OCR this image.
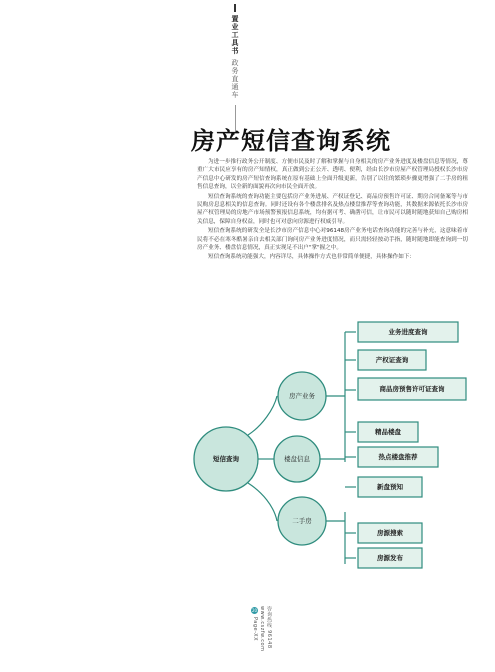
置业工具书
政务直通车
房产短信查询系统

为进一步推行政务公开制度、方便市民及时了解和掌握与自身相关的房产业务进度及楼盘信息等情况，尊重广大市民应享有的房产知情权，真正做到公正公开、透明、便利，经由长沙市房屋产权管理局授权长沙市房产信息中心研发的房产短信查询系统在原有基础上全面升级更新，告别了以往的繁琐步骤更增强了二手房的租售信息查询，以全新的面貌再次向市民全面开放。

短信查询系统的查询功能主要包括房产业务进展、产权证登记、商品房预售许可证、期房合同备案等与市民购房息息相关的信息查询。同时还设有各个楼盘排名及热点楼盘推荐等查询功能，其数据来源依托长沙市房屋产权管理局的房地产市场预警预报信息系统，均有据可考、确凿可信，让市民可以随时随地获知自己购房相关信息，保障自身权益，同时也可对意向房源进行权威引导。

短信查询系统的研发全是长沙市房产信息中心对96148房产业务电话查询功能的完善与补充，这意味着市民将不必在寒冬酷暑亲自去相关部门询问房产业务进度情况，而只需轻轻按动手指，随时随地即能查询到一切房产业务、楼盘信息情况，真正实现足不出户"掌"握之中。

短信查询系统功能强大，内容详尽，具体操作方式也非常简单便捷，具体操作如下：

短信查询
房产业务
楼盘信息
二手房
业务进度查询
产权证查询
商品房预售许可证查询
精品楼盘
热点楼盘推荐
新盘预知
房源搜索
房源发布
20
Page-XX www.cszfw.com 咨询热线 96148
